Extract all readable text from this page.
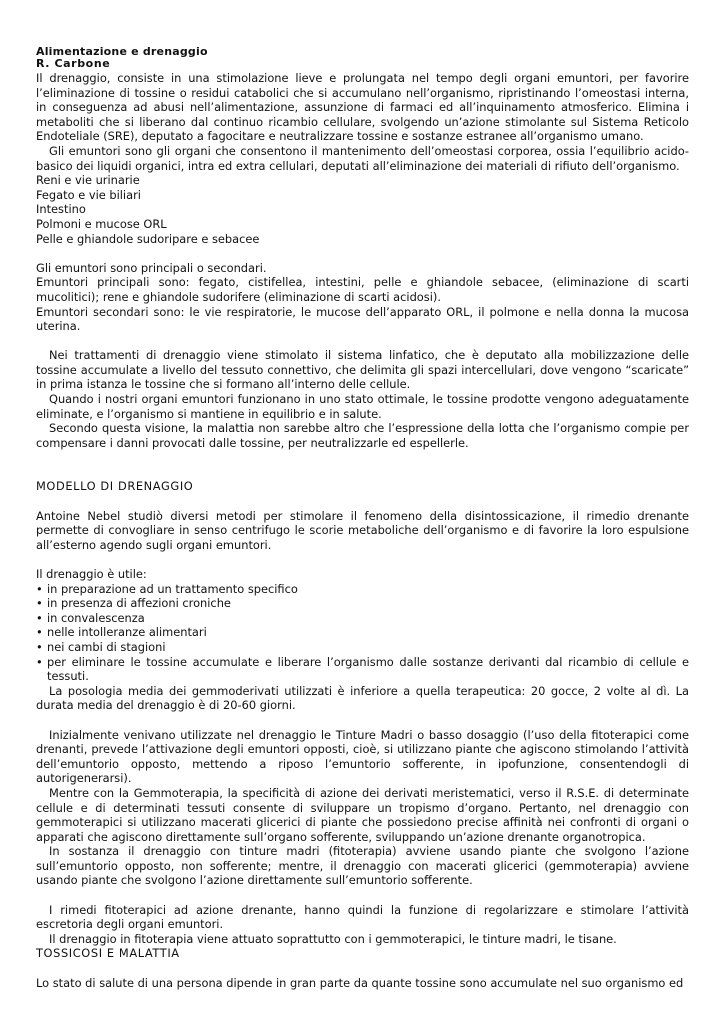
Alimentazione e drenaggio
R. Carbone

Il drenaggio, consiste in una stimolazione lieve e prolungata nel tempo degli organi emuntori, per favorire l’eliminazione di tossine o residui catabolici che si accumulano nell’organismo, ripristinando l’omeostasi interna, in conseguenza ad abusi nell’alimentazione, assunzione di farmaci ed all’inquinamento atmosferico. Elimina i metaboliti che si liberano dal continuo ricambio cellulare, svolgendo un’azione stimolante sul Sistema Reticolo Endoteliale (SRE), deputato a fagocitare e neutralizzare tossine e sostanze estranee all’organismo umano.

Gli emuntori sono gli organi che consentono il mantenimento dell’omeostasi corporea, ossia l’equilibrio acido-basico dei liquidi organici, intra ed extra cellulari, deputati all’eliminazione dei materiali di rifiuto dell’organismo.

Reni e vie urinarie
Fegato e vie biliari
Intestino
Polmoni e mucose ORL
Pelle e ghiandole sudoripare e sebacee

Gli emuntori sono principali o secondari.

Emuntori principali sono: fegato, cistifellea, intestini, pelle e ghiandole sebacee, (eliminazione di scarti mucolitici); rene e ghiandole sudorifere (eliminazione di scarti acidosi).

Emuntori secondari sono: le vie respiratorie, le mucose dell’apparato ORL, il polmone e nella donna la mucosa uterina.

Nei trattamenti di drenaggio viene stimolato il sistema linfatico, che è deputato alla mobilizzazione delle tossine accumulate a livello del tessuto connettivo, che delimita gli spazi intercellulari, dove vengono “scaricate” in prima istanza le tossine che si formano all’interno delle cellule.

Quando i nostri organi emuntori funzionano in uno stato ottimale, le tossine prodotte vengono adeguatamente eliminate, e l’organismo si mantiene in equilibrio e in salute.

Secondo questa visione, la malattia non sarebbe altro che l’espressione della lotta che l’organismo compie per compensare i danni provocati dalle tossine, per neutralizzarle ed espellerle.

MODELLO DI DRENAGGIO

Antoine Nebel studiò diversi metodi per stimolare il fenomeno della disintossicazione, il rimedio drenante permette di convogliare in senso centrifugo le scorie metaboliche dell’organismo e di favorire la loro espulsione all’esterno agendo sugli organi emuntori.

Il drenaggio è utile:

• in preparazione ad un trattamento specifico
• in presenza di affezioni croniche
• in convalescenza
• nelle intolleranze alimentari
• nei cambi di stagioni
• per eliminare le tossine accumulate e liberare l’organismo dalle sostanze derivanti dal ricambio di cellule e tessuti.

La posologia media dei gemmoderivati utilizzati è inferiore a quella terapeutica: 20 gocce, 2 volte al dì. La durata media del drenaggio è di 20-60 giorni.

Inizialmente venivano utilizzate nel drenaggio le Tinture Madri o basso dosaggio (l’uso della fitoterapici come drenanti, prevede l’attivazione degli emuntori opposti, cioè, si utilizzano piante che agiscono stimolando l’attività dell’emuntorio opposto, mettendo a riposo l’emuntorio sofferente, in ipofunzione, consentendogli di autorigenerarsi).

Mentre con la Gemmoterapia, la specificità di azione dei derivati meristematici, verso il R.S.E. di determinate cellule e di determinati tessuti consente di sviluppare un tropismo d’organo. Pertanto, nel drenaggio con gemmoterapici si utilizzano macerati glicerici di piante che possiedono precise affinità nei confronti di organi o apparati che agiscono direttamente sull’organo sofferente, sviluppando un’azione drenante organotropica.

In sostanza il drenaggio con tinture madri (fitoterapia) avviene usando piante che svolgono l’azione sull’emuntorio opposto, non sofferente; mentre, il drenaggio con macerati glicerici (gemmoterapia) avviene usando piante che svolgono l’azione direttamente sull’emuntorio sofferente.

I rimedi fitoterapici ad azione drenante, hanno quindi la funzione di regolarizzare e stimolare l’attività escretoria degli organi emuntori.

Il drenaggio in fitoterapia viene attuato soprattutto con i gemmoterapici, le tinture madri, le tisane.

TOSSICOSI E MALATTIA

Lo stato di salute di una persona dipende in gran parte da quante tossine sono accumulate nel suo organismo ed
